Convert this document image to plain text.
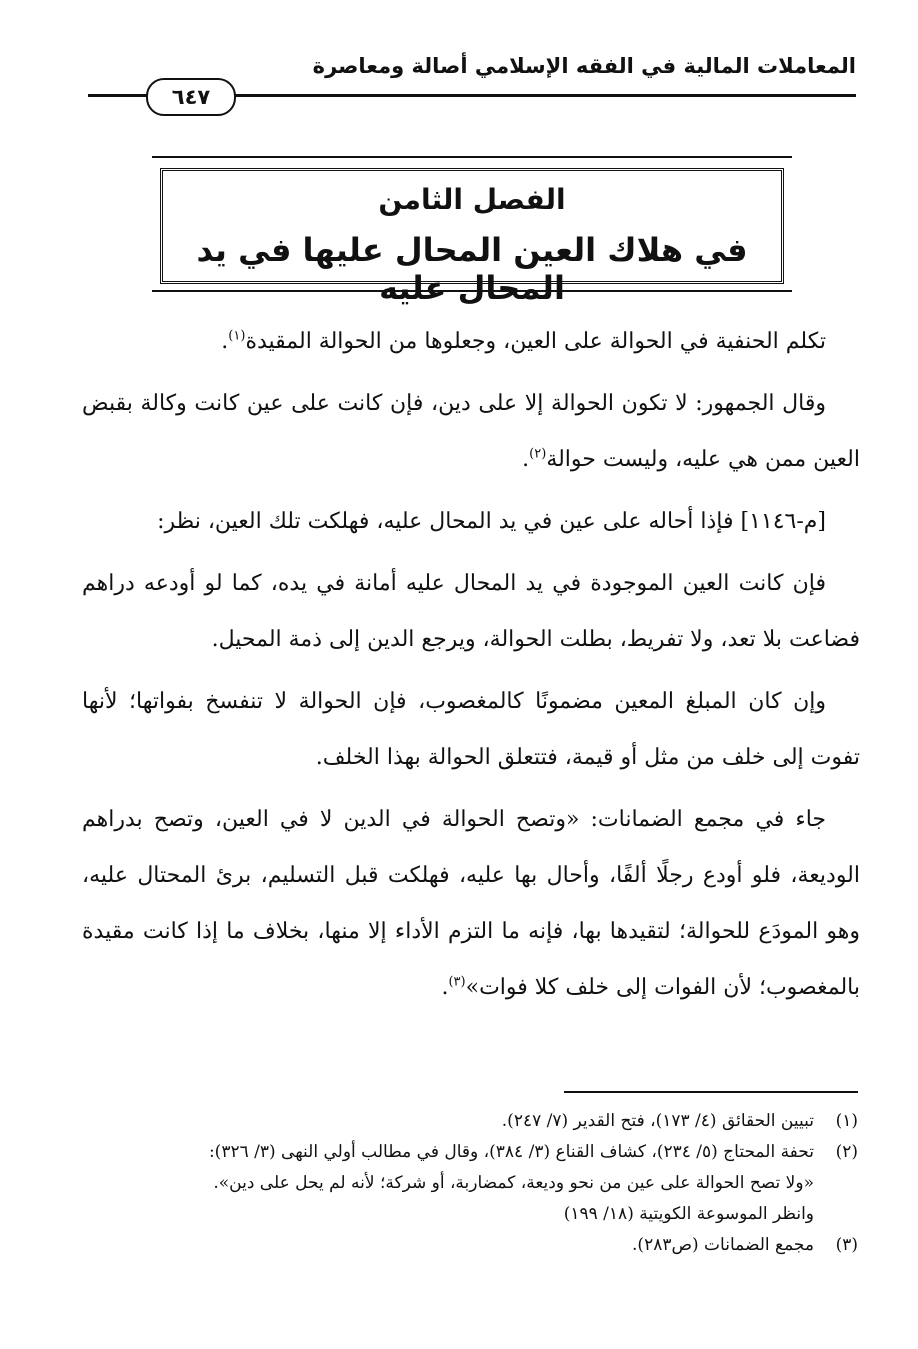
المعاملات المالية في الفقه الإسلامي أصالة ومعاصرة
٦٤٧
الفصل الثامن
في هلاك العين المحال عليها في يد المحال عليه

تكلم الحنفية في الحوالة على العين، وجعلوها من الحوالة المقيدة$^{(١)}$.

وقال الجمهور: لا تكون الحوالة إلا على دين، فإن كانت على عين كانت وكالة بقبض العين ممن هي عليه، وليست حوالة$^{(٢)}$.

[م-١١٤٦] فإذا أحاله على عين في يد المحال عليه، فهلكت تلك العين، نظر:

فإن كانت العين الموجودة في يد المحال عليه أمانة في يده، كما لو أودعه دراهم فضاعت بلا تعد، ولا تفريط، بطلت الحوالة، ويرجع الدين إلى ذمة المحيل.

وإن كان المبلغ المعين مضمونًا كالمغصوب، فإن الحوالة لا تنفسخ بفواتها؛ لأنها تفوت إلى خلف من مثل أو قيمة، فتتعلق الحوالة بهذا الخلف.

جاء في مجمع الضمانات: «وتصح الحوالة في الدين لا في العين، وتصح بدراهم الوديعة، فلو أودع رجلًا ألفًا، وأحال بها عليه، فهلكت قبل التسليم، برئ المحتال عليه، وهو المودَع للحوالة؛ لتقيدها بها، فإنه ما التزم الأداء إلا منها، بخلاف ما إذا كانت مقيدة بالمغصوب؛ لأن الفوات إلى خلف كلا فوات»$^{(٣)}$.

(١)
تبيين الحقائق (٤/ ١٧٣)، فتح القدير (٧/ ٢٤٧).
(٢)
تحفة المحتاج (٥/ ٢٣٤)، كشاف القناع (٣/ ٣٨٤)، وقال في مطالب أولي النهى (٣/ ٣٢٦):
«ولا تصح الحوالة على عين من نحو وديعة، كمضاربة، أو شركة؛ لأنه لم يحل على دين».
وانظر الموسوعة الكويتية (١٨/ ١٩٩)
(٣)
مجمع الضمانات (ص٢٨٣).
